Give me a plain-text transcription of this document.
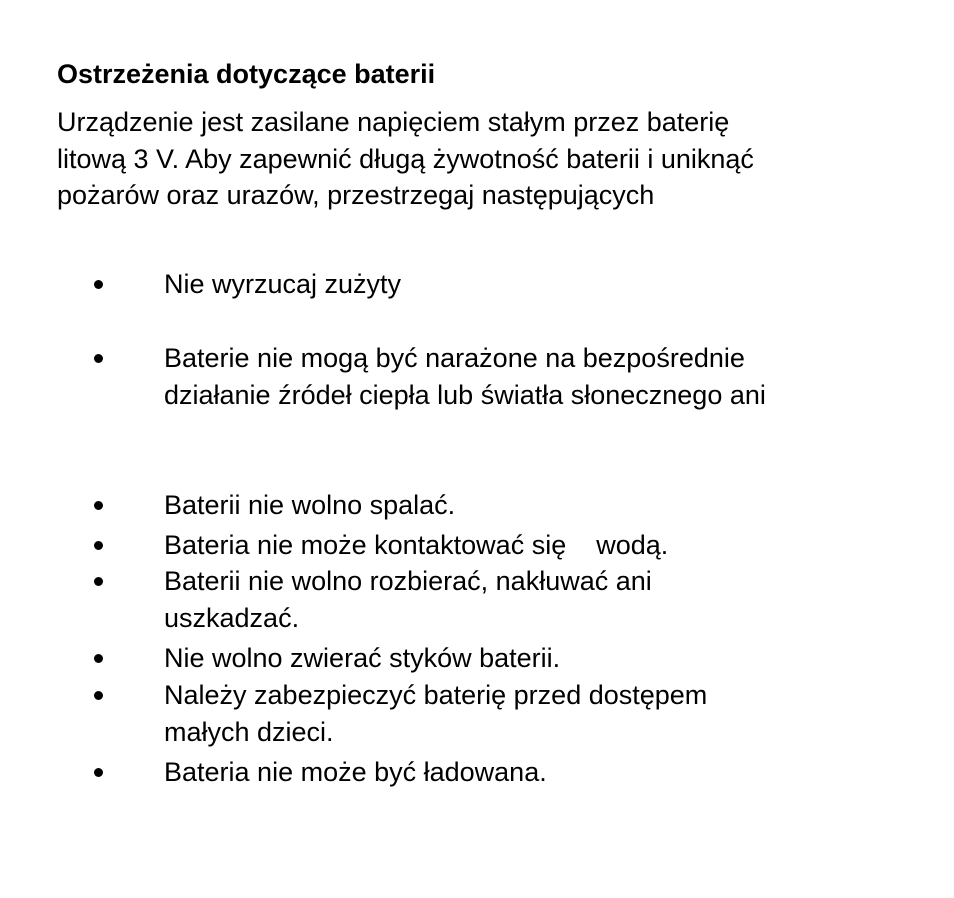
Ostrzeżenia dotyczące baterii
Urządzenie jest zasilane napięciem stałym przez baterię
litową 3 V. Aby zapewnić długą żywotność baterii i uniknąć
pożarów oraz urazów, przestrzegaj następujących
Nie wyrzucaj zużyty
Baterie nie mogą być narażone na bezpośrednie
działanie źródeł ciepła lub światła słonecznego ani
Baterii nie wolno spalać.
Bateria nie może kontaktować się    wodą.
Baterii nie wolno rozbierać, nakłuwać ani
uszkadzać.
Nie wolno zwierać styków baterii.
Należy zabezpieczyć baterię przed dostępem
małych dzieci.
Bateria nie może być ładowana.
